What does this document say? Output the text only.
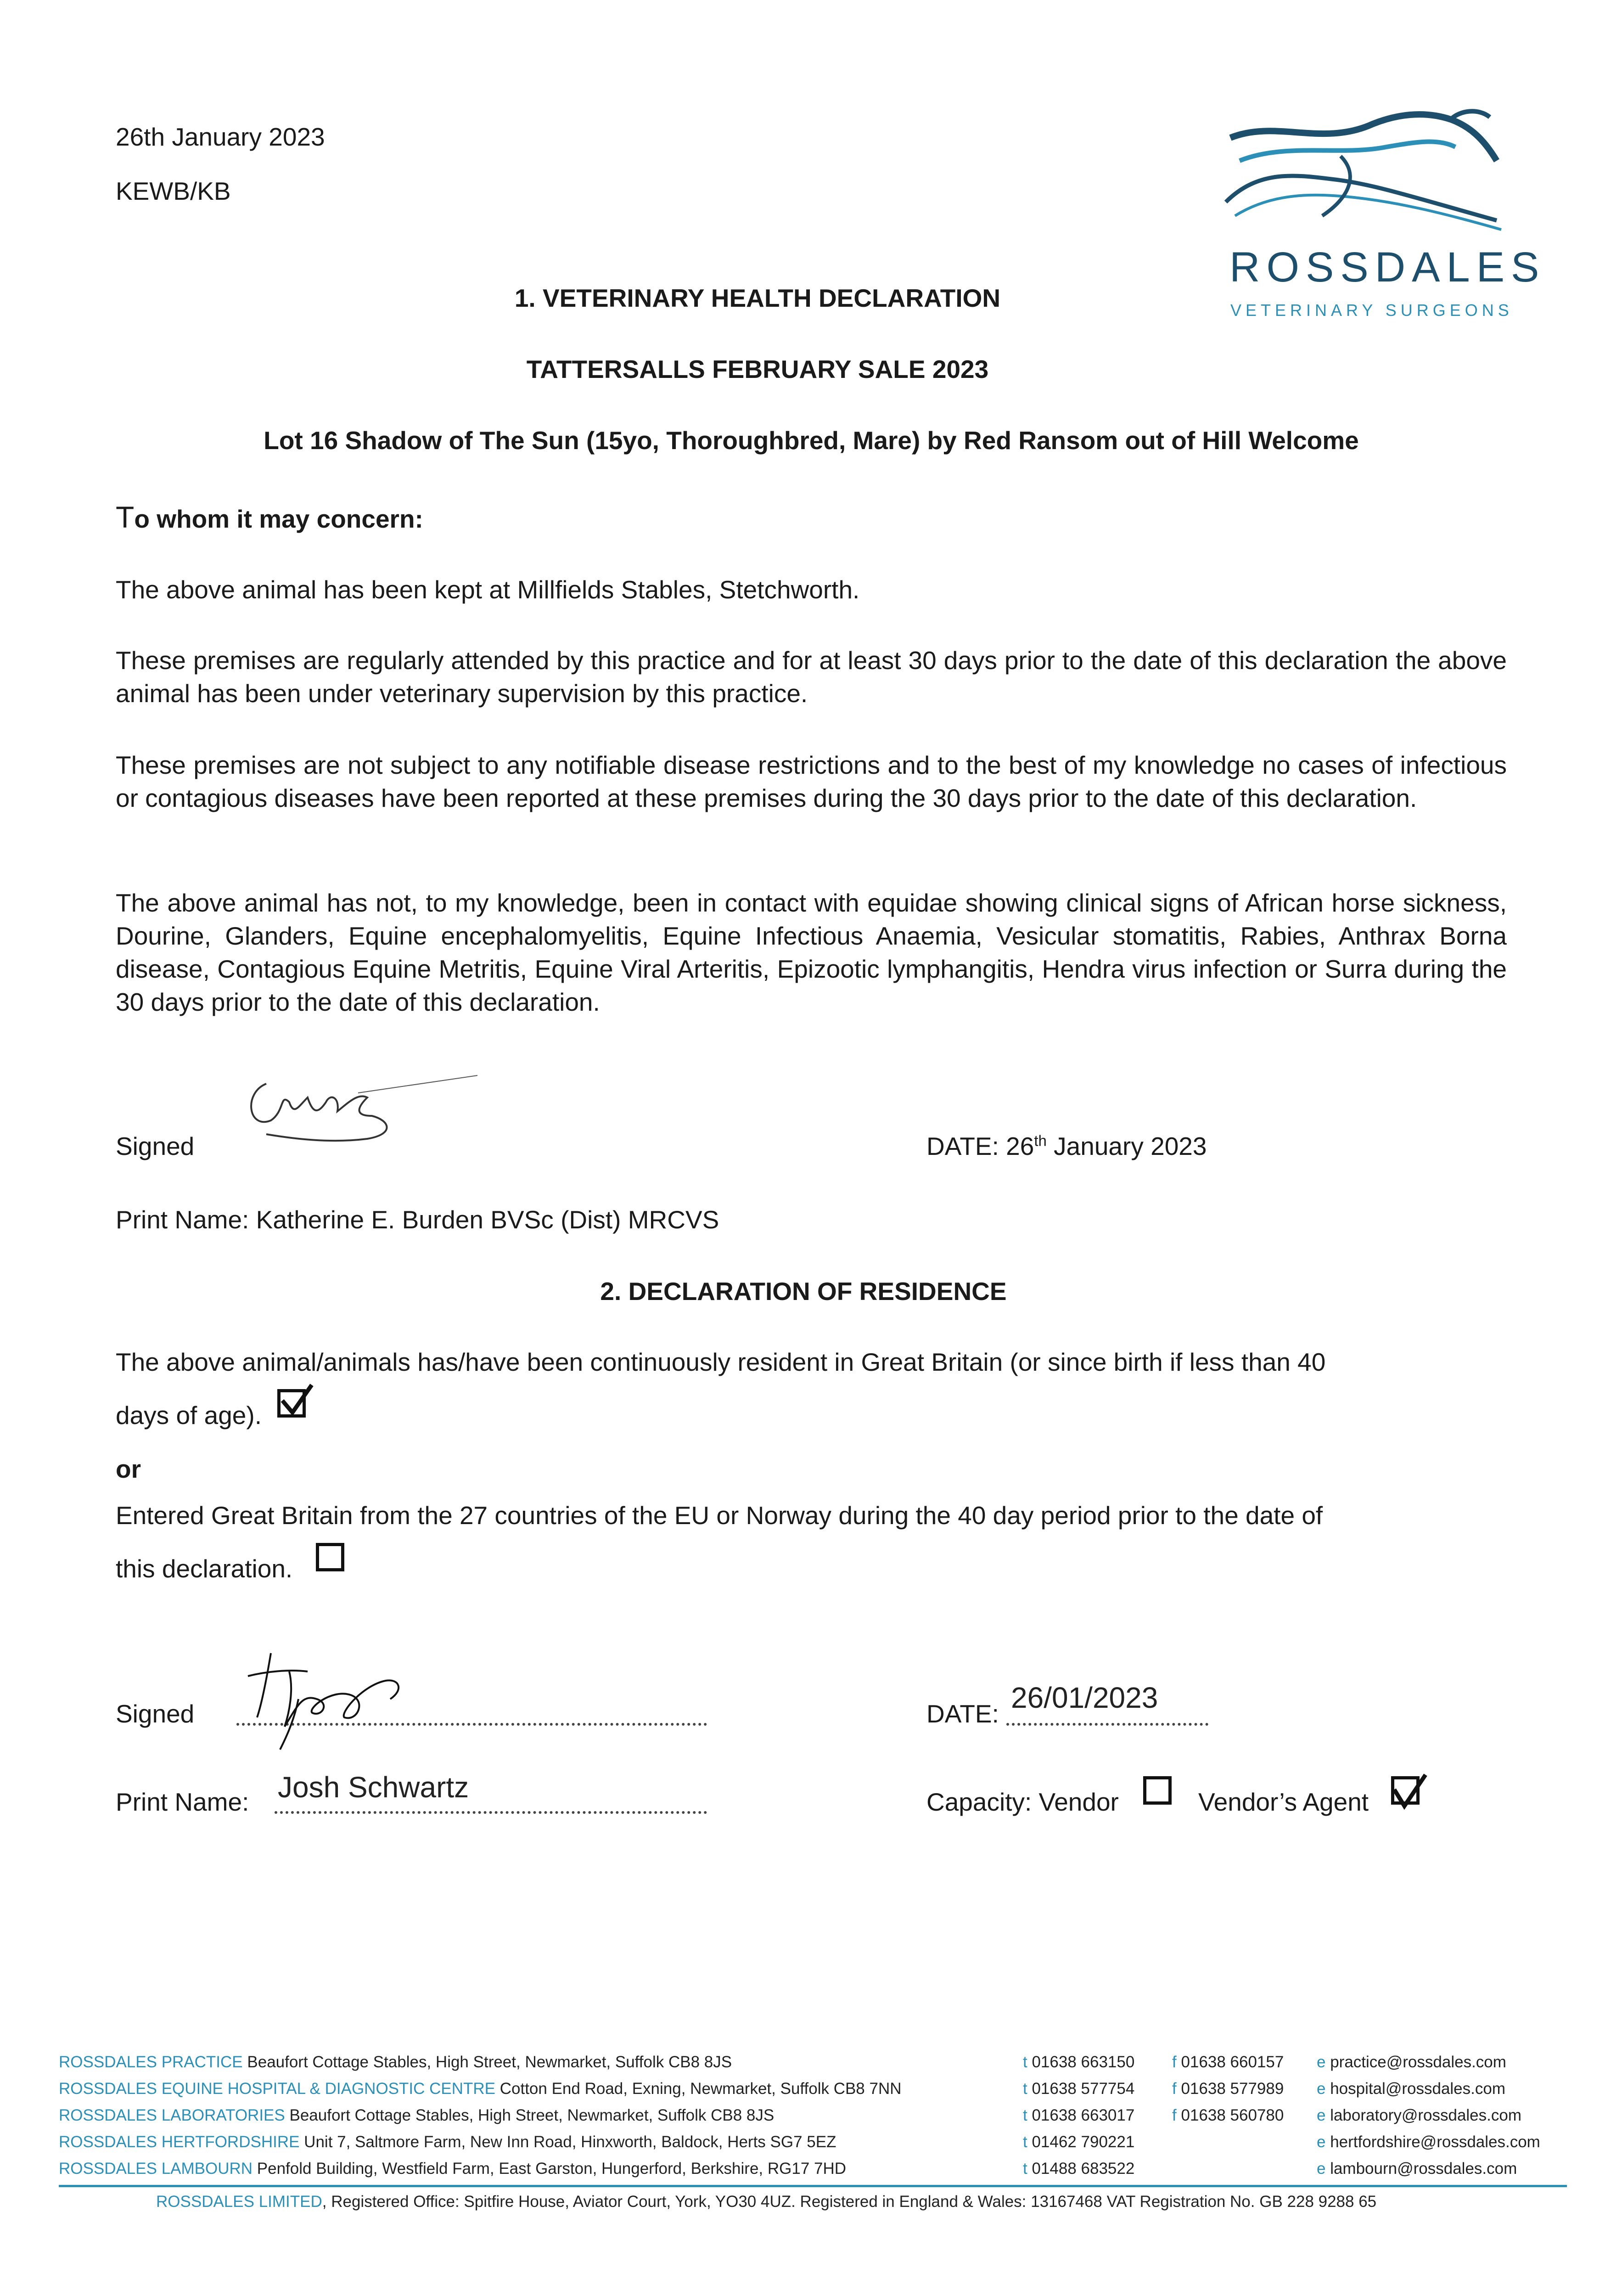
26th January 2023
KEWB/KB
ROSSDALES
VETERINARY SURGEONS
1. VETERINARY HEALTH DECLARATION
TATTERSALLS FEBRUARY SALE 2023
Lot 16 Shadow of The Sun (15yo, Thoroughbred, Mare) by Red Ransom out of Hill Welcome
To whom it may concern:
The above animal has been kept at Millfields Stables, Stetchworth.
These premises are regularly attended by this practice and for at least 30 days prior to the date of this declaration the above animal has been under veterinary supervision by this practice.
These premises are not subject to any notifiable disease restrictions and to the best of my knowledge no cases of infectious or contagious diseases have been reported at these premises during the 30 days prior to the date of this declaration.
The above animal has not, to my knowledge, been in contact with equidae showing clinical signs of African horse sickness, Dourine, Glanders, Equine encephalomyelitis, Equine Infectious Anaemia, Vesicular stomatitis, Rabies, Anthrax Borna disease, Contagious Equine Metritis, Equine Viral Arteritis, Epizootic lymphangitis, Hendra virus infection or Surra during the 30 days prior to the date of this declaration.
Signed	DATE: 26th January 2023
Print Name: Katherine E. Burden BVSc (Dist) MRCVS
2. DECLARATION OF RESIDENCE
The above animal/animals has/have been continuously resident in Great Britain (or since birth if less than 40
days of age).
or
Entered Great Britain from the 27 countries of the EU or Norway during the 40 day period prior to the date of
this declaration.
Signed	DATE: 26/01/2023
Print Name: Josh Schwartz	Capacity: Vendor	Vendor’s Agent
ROSSDALES PRACTICE Beaufort Cottage Stables, High Street, Newmarket, Suffolk CB8 8JS	t 01638 663150 f 01638 660157 e practice@rossdales.com
ROSSDALES EQUINE HOSPITAL & DIAGNOSTIC CENTRE Cotton End Road, Exning, Newmarket, Suffolk CB8 7NN	t 01638 577754 f 01638 577989 e hospital@rossdales.com
ROSSDALES LABORATORIES Beaufort Cottage Stables, High Street, Newmarket, Suffolk CB8 8JS	t 01638 663017 f 01638 560780 e laboratory@rossdales.com
ROSSDALES HERTFORDSHIRE Unit 7, Saltmore Farm, New Inn Road, Hinxworth, Baldock, Herts SG7 5EZ	t 01462 790221	e hertfordshire@rossdales.com
ROSSDALES LAMBOURN Penfold Building, Westfield Farm, East Garston, Hungerford, Berkshire, RG17 7HD	t 01488 683522	e lambourn@rossdales.com
ROSSDALES LIMITED, Registered Office: Spitfire House, Aviator Court, York, YO30 4UZ. Registered in England & Wales: 13167468 VAT Registration No. GB 228 9288 65
